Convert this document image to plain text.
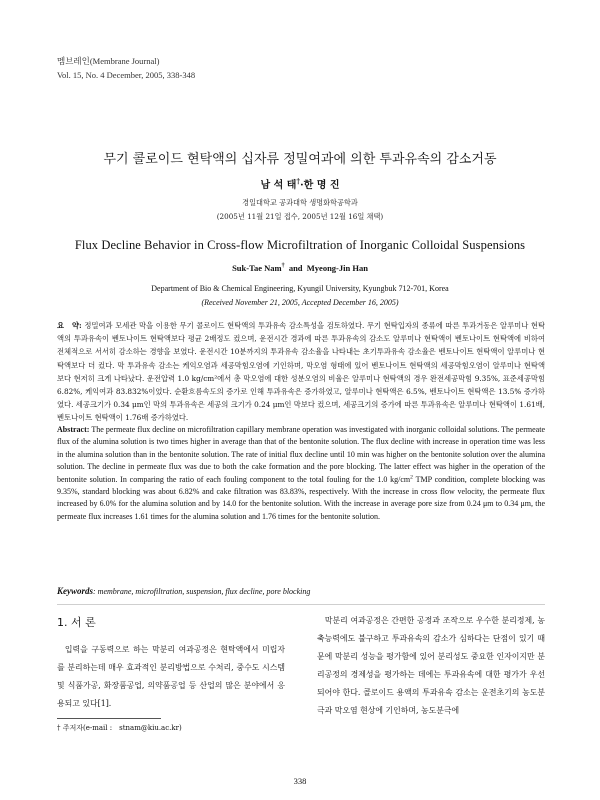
멤브레인(Membrane Journal)
Vol. 15, No. 4 December, 2005, 338-348
무기 콜로이드 현탁액의 십자류 정밀여과에 의한 투과유속의 감소거동
남 석 태†·한 명 진
경일대학교 공과대학 생명화학공학과
(2005년 11월 21일 접수, 2005년 12월 16일 채택)
Flux Decline Behavior in Cross-flow Microfiltration of Inorganic Colloidal Suspensions
Suk-Tae Nam† and Myeong-Jin Han
Department of Bio & Chemical Engineering, Kyungil University, Kyungbuk 712-701, Korea
(Received November 21, 2005, Accepted December 16, 2005)
요　약: 정밀여과 모세관 막을 이용한 무기 콜로이드 현탁액의 투과유속 감소특성을 검토하였다. 무기 현탁입자의 종류에 따른 투과거동은 알루미나 현탁액의 투과유속이 벤토나이트 현탁액보다 평균 2배정도 컸으며, 운전시간 경과에 따른 투과유속의 감소도 알루미나 현탁액이 벤토나이트 현탁액에 비하여 전체적으로 서서히 감소하는 경향을 보였다. 운전시간 10분까지의 투과유속 감소율을 나타내는 초기투과유속 감소율은 벤토나이트 현탁액이 알루미나 현탁액보다 더 컸다. 막 투과유속 감소는 케익오염과 세공막힘오염에 기인하며, 막오염 형태에 있어 벤토나이트 현탁액의 세공막힘오염이 알루미나 현탁액 보다 현저히 크게 나타났다. 운전압력 1.0 kg/cm²에서 총 막오염에 대한 성분오염의 비율은 알루미나 현탁액의 경우 완전세공막힘 9.35%, 표준세공막힘 6.82%, 케익여과 83.832%이었다. 순환흐름속도의 증가로 인해 투과유속은 증가하였고, 알루미나 현탁액은 6.5%, 벤토나이트 현탁액은 13.5% 증가하였다. 세공크기가 0.34 μm인 막의 투과유속은 세공의 크기가 0.24 μm인 막보다 컸으며, 세공크기의 증가에 따른 투과유속은 알루미나 현탁액이 1.61배, 벤토나이트 현탁액이 1.76배 증가하였다.
Abstract: The permeate flux decline on microfiltration capillary membrane operation was investigated with inorganic colloidal solutions. The permeate flux of the alumina solution is two times higher in average than that of the bentonite solution. The flux decline with increase in operation time was less in the alumina solution than in the bentonite solution. The rate of initial flux decline until 10 min was higher on the bentonite solution over the alumina solution. The decline in permeate flux was due to both the cake formation and the pore blocking. The latter effect was higher in the operation of the bentonite solution. In comparing the ratio of each fouling component to the total fouling for the 1.0 $kg/cm^2$ TMP condition, complete blocking was 9.35%, standard blocking was about 6.82% and cake filtration was 83.83%, respectively. With the increase in cross flow velocity, the permeate flux increased by 6.0% for the alumina solution and by 14.0 for the bentonite solution. With the increase in average pore size from 0.24 μm to 0.34 μm, the permeate flux increases 1.61 times for the alumina solution and 1.76 times for the bentonite solution.
Keywords: membrane, microfiltration, suspension, flux decline, pore blocking
1. 서 론

입력을 구동력으로 하는 막분리 여과공정은 현탁액에서 미립자를 분리하는데 매우 효과적인 분리방법으로 수처리, 중수도 시스템 및 식품가공, 화장품공업, 의약품공업 등 산업의 많은 분야에서 응용되고 있다[1].

막분리 여과공정은 간편한 공정과 조작으로 우수한 분리정제, 농축능력에도 불구하고 투과유속의 감소가 심하다는 단점이 있기 때문에 막분리 성능을 평가함에 있어 분리성도 중요한 인자이지만 분리공정의 경제성을 평가하는 데에는 투과유속에 대한 평가가 우선되어야 한다. 콜로이드 용액의 투과유속 감소는 운전초기의 농도분극과 막오염 현상에 기인하며, 농도분극에

† 주저자(e-mail :　stnam@kiu.ac.kr)
338
